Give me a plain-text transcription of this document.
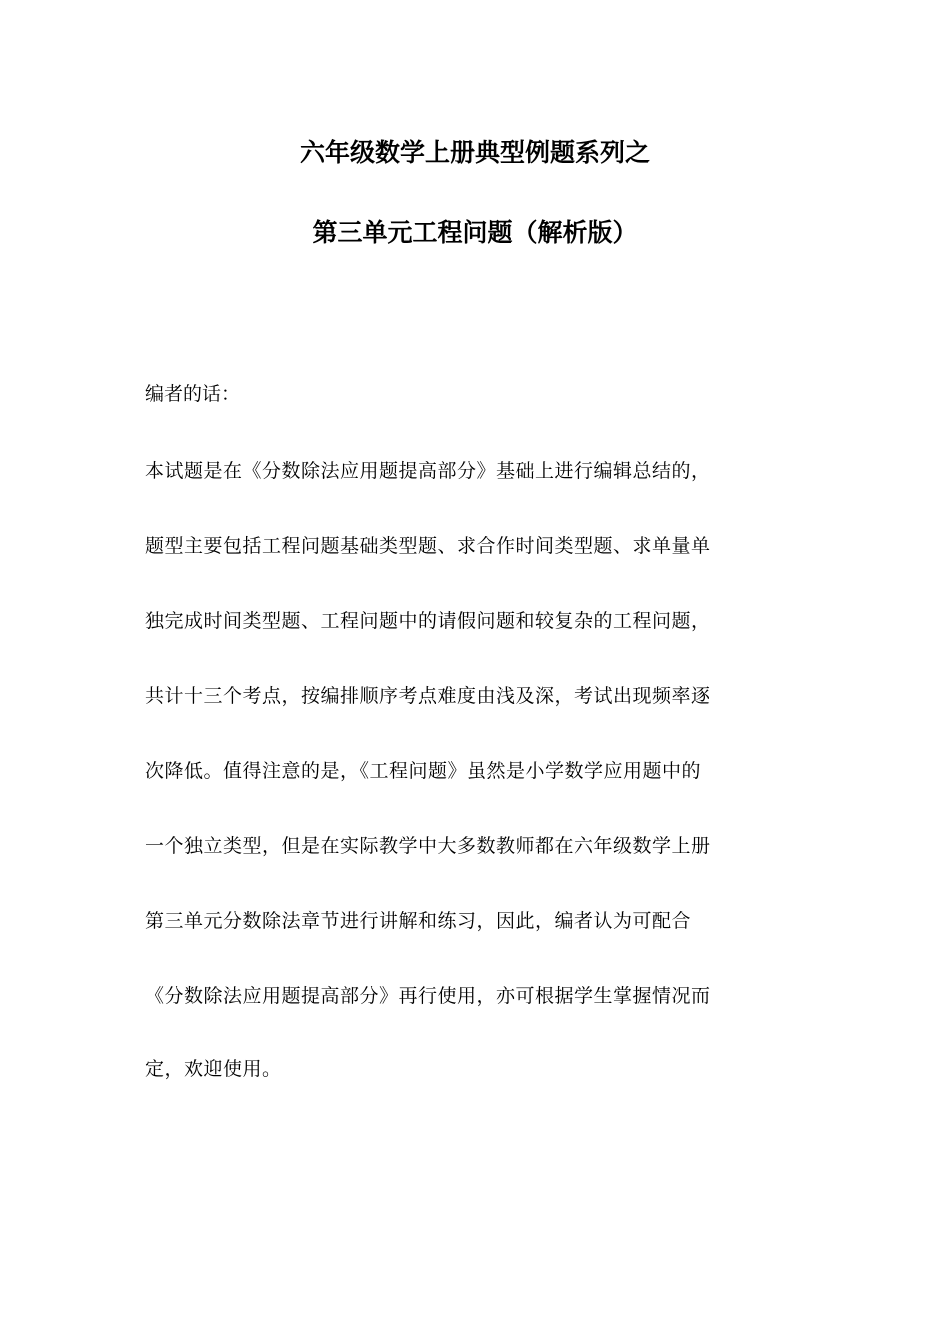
六年级数学上册典型例题系列之
第三单元工程问题（解析版）
编者的话：
本试题是在《分数除法应用题提高部分》基础上进行编辑总结的，
题型主要包括工程问题基础类型题、求合作时间类型题、求单量单
独完成时间类型题、工程问题中的请假问题和较复杂的工程问题，
共计十三个考点，按编排顺序考点难度由浅及深，考试出现频率逐
次降低。值得注意的是，《工程问题》虽然是小学数学应用题中的
一个独立类型，但是在实际教学中大多数教师都在六年级数学上册
第三单元分数除法章节进行讲解和练习，因此，编者认为可配合
《分数除法应用题提高部分》再行使用，亦可根据学生掌握情况而
定，欢迎使用。
